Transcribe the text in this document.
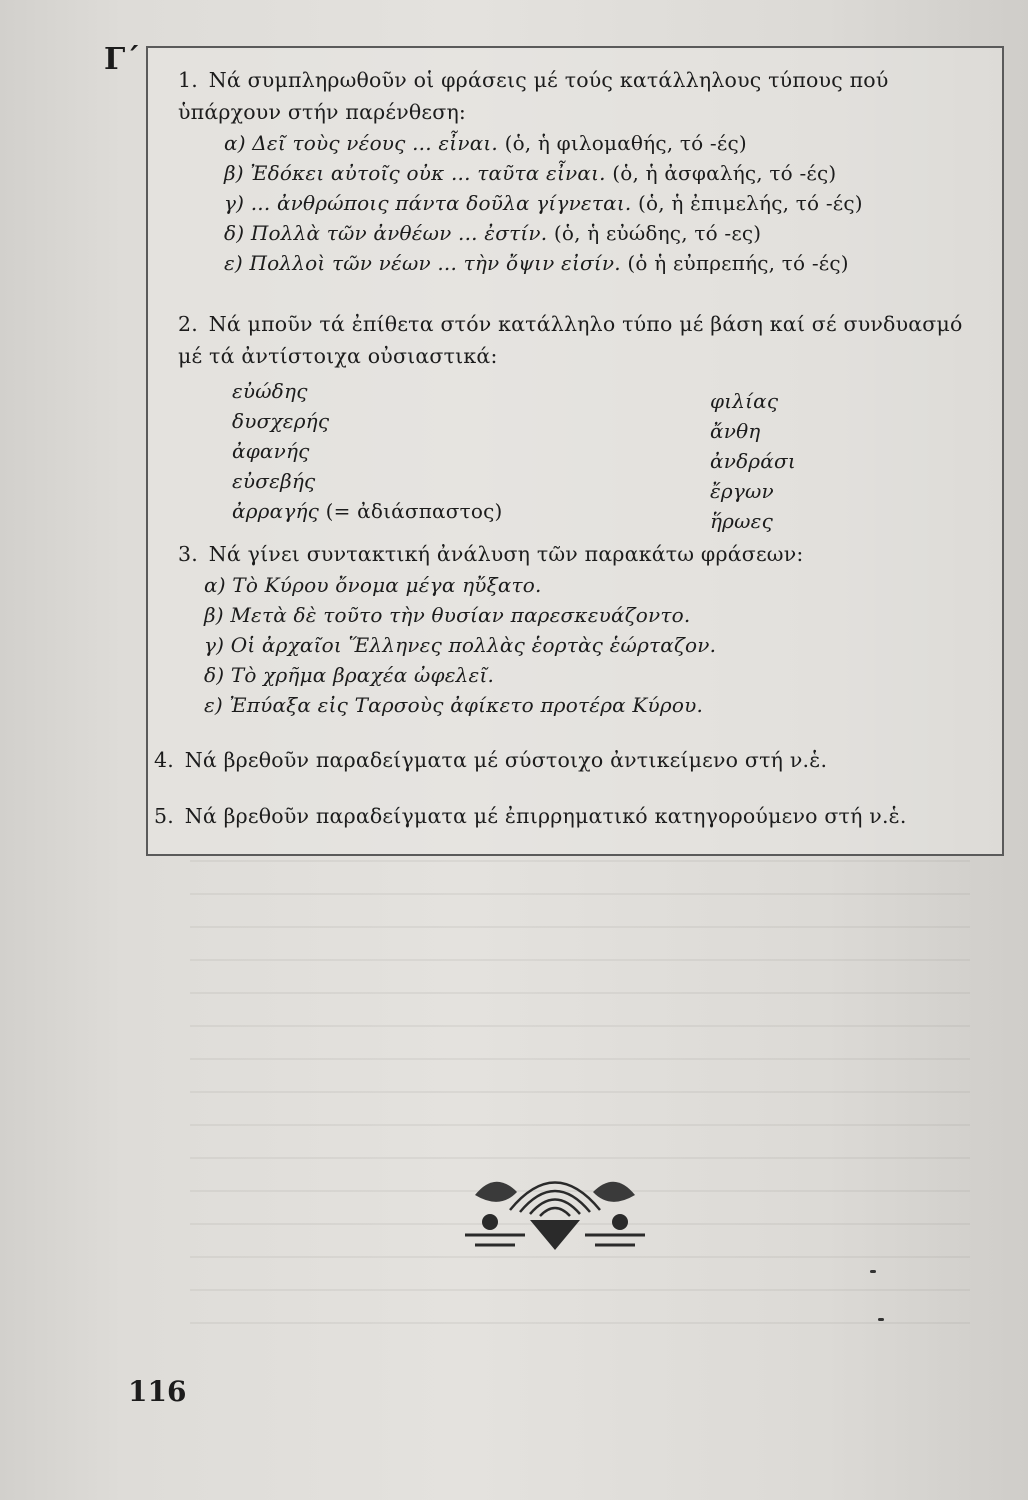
Γ΄
1. Νά συμπληρωθοῦν οἱ φράσεις μέ τούς κατάλληλους τύπους πού ὑπάρχουν στήν παρένθεση:
α) Δεῖ τοὺς νέους ... εἶναι. (ὁ, ἡ φιλομαθής, τό -ές)
β) Ἐδόκει αὐτοῖς οὐκ ... ταῦτα εἶναι. (ὁ, ἡ ἀσφαλής, τό -ές)
γ) ... ἀνθρώποις πάντα δοῦλα γίγνεται. (ὁ, ἡ ἐπιμελής, τό -ές)
δ) Πολλὰ τῶν ἀνθέων ... ἐστίν. (ὁ, ἡ εὐώδης, τό -ες)
ε) Πολλοὶ τῶν νέων ... τὴν ὄψιν εἰσίν. (ὁ ἡ εὐπρεπής, τό -ές)
2. Νά μποῦν τά ἐπίθετα στόν κατάλληλο τύπο μέ βάση καί σέ συνδυασμό μέ τά ἀντίστοιχα οὐσιαστικά:
εὐώδης
δυσχερής
ἀφανής
εὐσεβής
ἀρραγής (= ἀδιάσπαστος)
φιλίας
ἄνθη
ἀνδράσι
ἔργων
ἥρωες
3. Νά γίνει συντακτική ἀνάλυση τῶν παρακάτω φράσεων:
α) Τὸ Κύρου ὄνομα μέγα ηὔξατο.
β) Μετὰ δὲ τοῦτο τὴν θυσίαν παρεσκευάζοντο.
γ) Οἱ ἀρχαῖοι Ἕλληνες πολλὰς ἑορτὰς ἑώρταζον.
δ) Τὸ χρῆμα βραχέα ὠφελεῖ.
ε) Ἐπύαξα εἰς Ταρσοὺς ἀφίκετο προτέρα Κύρου.
4. Νά βρεθοῦν παραδείγματα μέ σύστοιχο ἀντικείμενο στή ν.ἑ.
5. Νά βρεθοῦν παραδείγματα μέ ἐπιρρηματικό κατηγορούμενο στή ν.ἑ.
116
